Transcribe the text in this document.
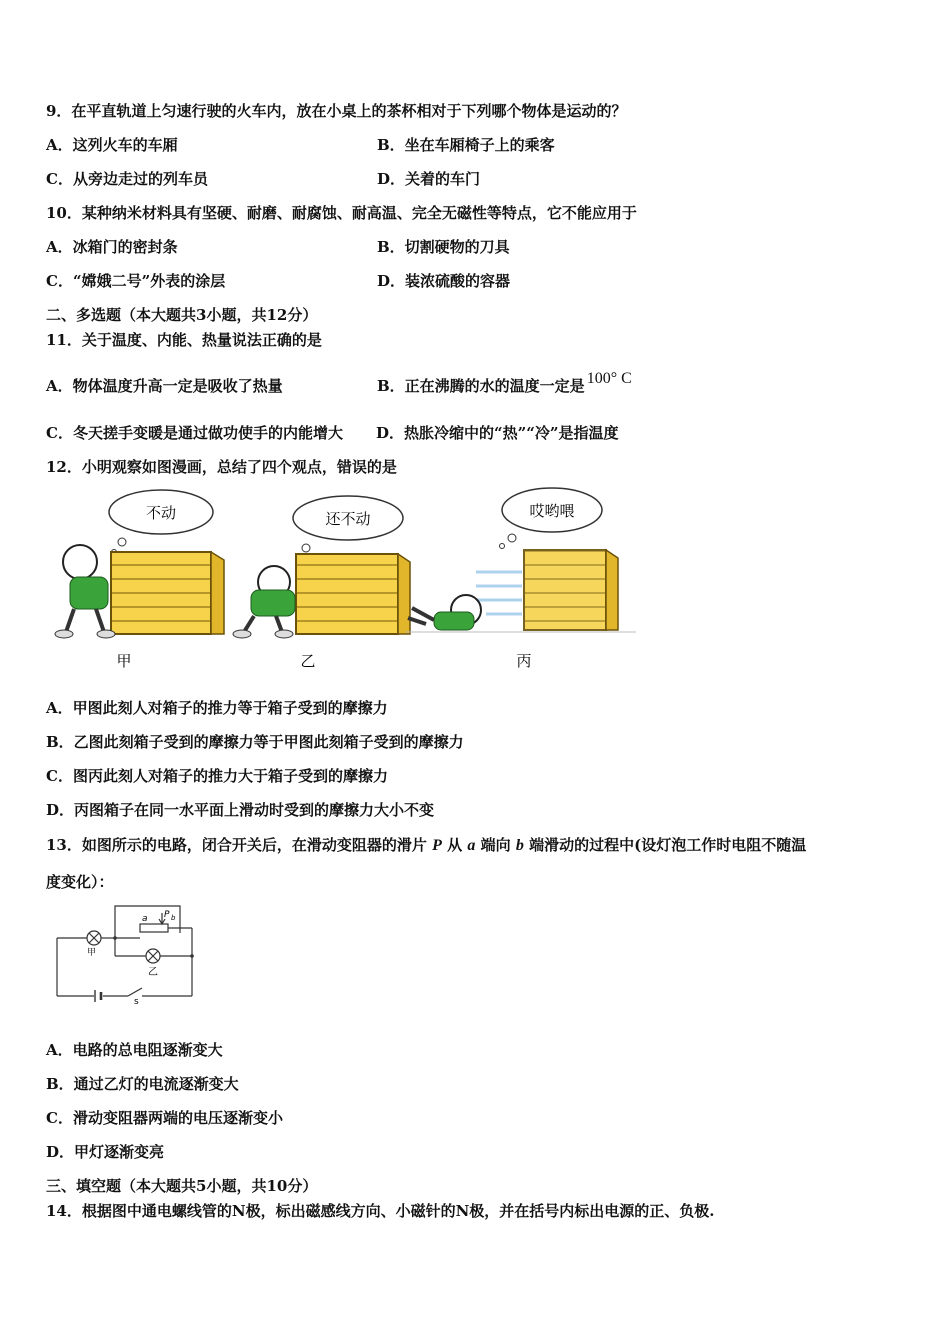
9．在平直轨道上匀速行驶的火车内，放在小桌上的茶杯相对于下列哪个物体是运动的？
A．这列火车的车厢	B．坐在车厢椅子上的乘客
C．从旁边走过的列车员	D．关着的车门
10．某种纳米材料具有坚硬、耐磨、耐腐蚀、耐高温、完全无磁性等特点，它不能应用于
A．冰箱门的密封条	B．切割硬物的刀具
C．“嫦娥二号”外表的涂层	D．装浓硫酸的容器
二、多选题（本大题共3小题，共12分）
11．关于温度、内能、热量说法正确的是
A．物体温度升高一定是吸收了热量	B．正在沸腾的水的温度一定是 100° C
C．冬天搓手变暖是通过做功使手的内能增大 D．热胀冷缩中的“热”“冷”是指温度
12．小明观察如图漫画，总结了四个观点，错误的是
不动	还不动	哎哟喂
甲	乙	丙
A．甲图此刻人对箱子的推力等于箱子受到的摩擦力
B．乙图此刻箱子受到的摩擦力等于甲图此刻箱子受到的摩擦力
C．图丙此刻人对箱子的推力大于箱子受到的摩擦力
D．丙图箱子在同一水平面上滑动时受到的摩擦力大小不变
13．如图所示的电路，闭合开关后，在滑动变阻器的滑片 P 从 a 端向 b 端滑动的过程中(设灯泡工作时电阻不随温
度变化）：
a P b
甲
乙
s
A．电路的总电阻逐渐变大
B．通过乙灯的电流逐渐变大
C．滑动变阻器两端的电压逐渐变小
D．甲灯逐渐变亮
三、填空题（本大题共5小题，共10分）
14．根据图中通电螺线管的N极，标出磁感线方向、小磁针的N极，并在括号内标出电源的正、负极.
